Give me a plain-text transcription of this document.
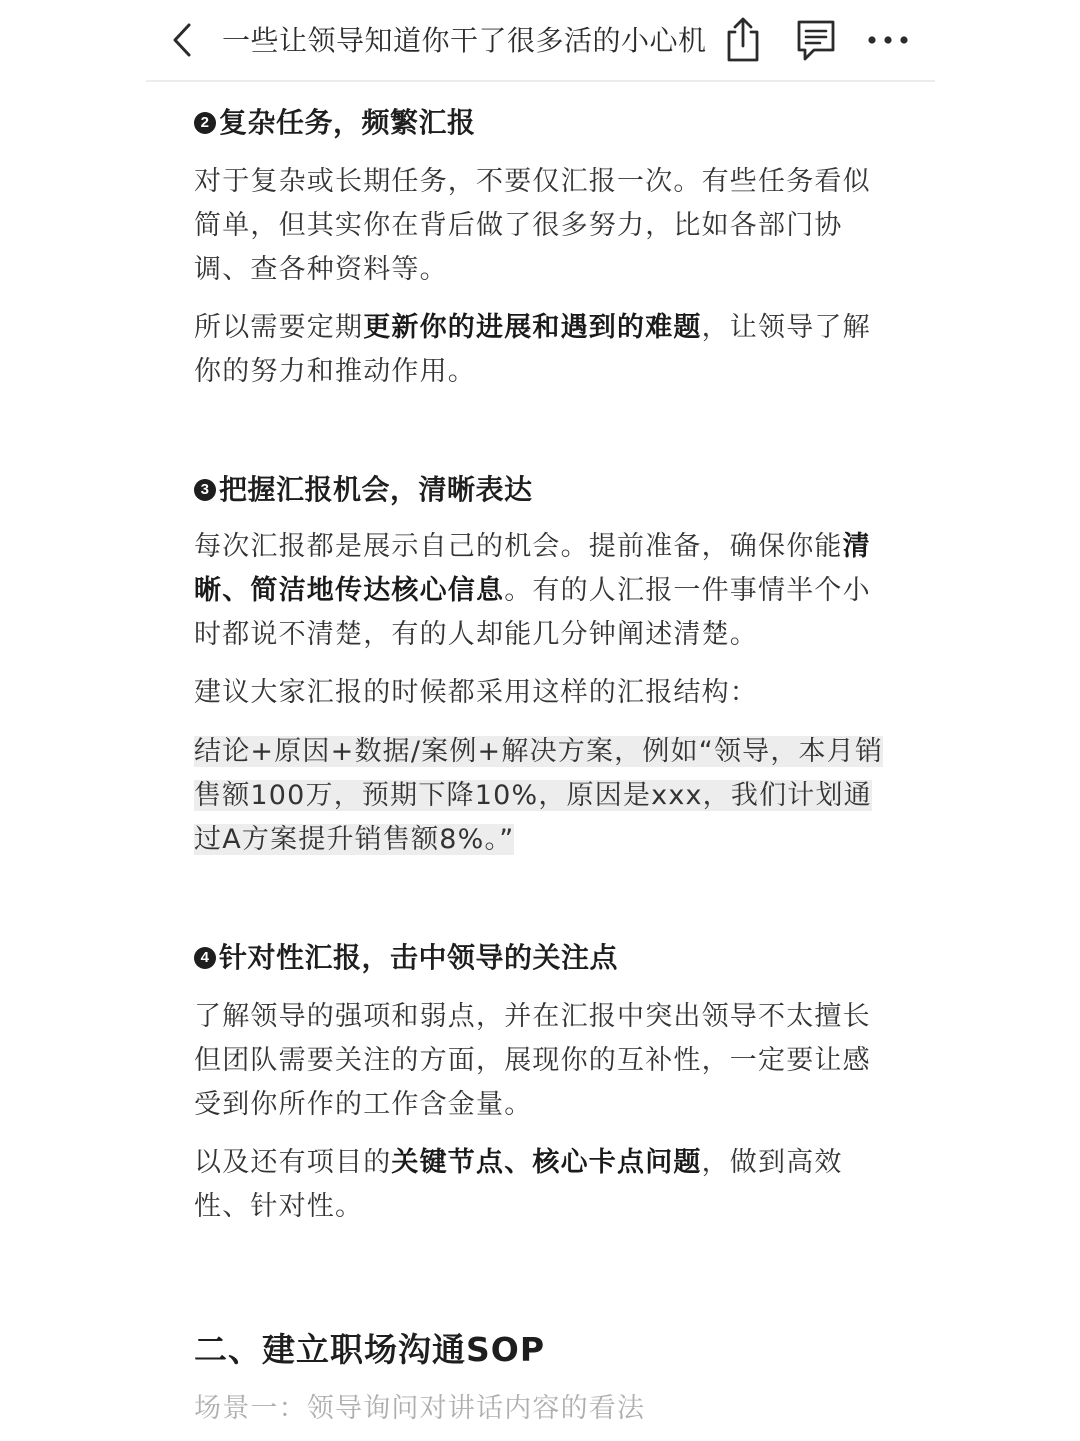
一些让领导知道你干了很多活的小心机
2 复杂任务，频繁汇报

对于复杂或长期任务，不要仅汇报一次。有些任务看似简单，但其实你在背后做了很多努力，比如各部门协调、查各种资料等。

所以需要定期更新你的进展和遇到的难题，让领导了解你的努力和推动作用。

3 把握汇报机会，清晰表达

每次汇报都是展示自己的机会。提前准备，确保你能清晰、简洁地传达核心信息。有的人汇报一件事情半个小时都说不清楚，有的人却能几分钟阐述清楚。

建议大家汇报的时候都采用这样的汇报结构：

结论+原因+数据/案例+解决方案，例如“领导，本月销售额100万，预期下降10%，原因是xxx，我们计划通过A方案提升销售额8%。”

4 针对性汇报，击中领导的关注点

了解领导的强项和弱点，并在汇报中突出领导不太擅长但团队需要关注的方面，展现你的互补性，一定要让感受到你所作的工作含金量。

以及还有项目的关键节点、核心卡点问题，做到高效性、针对性。

二、建立职场沟通SOP
场景一：领导询问对讲话内容的看法
